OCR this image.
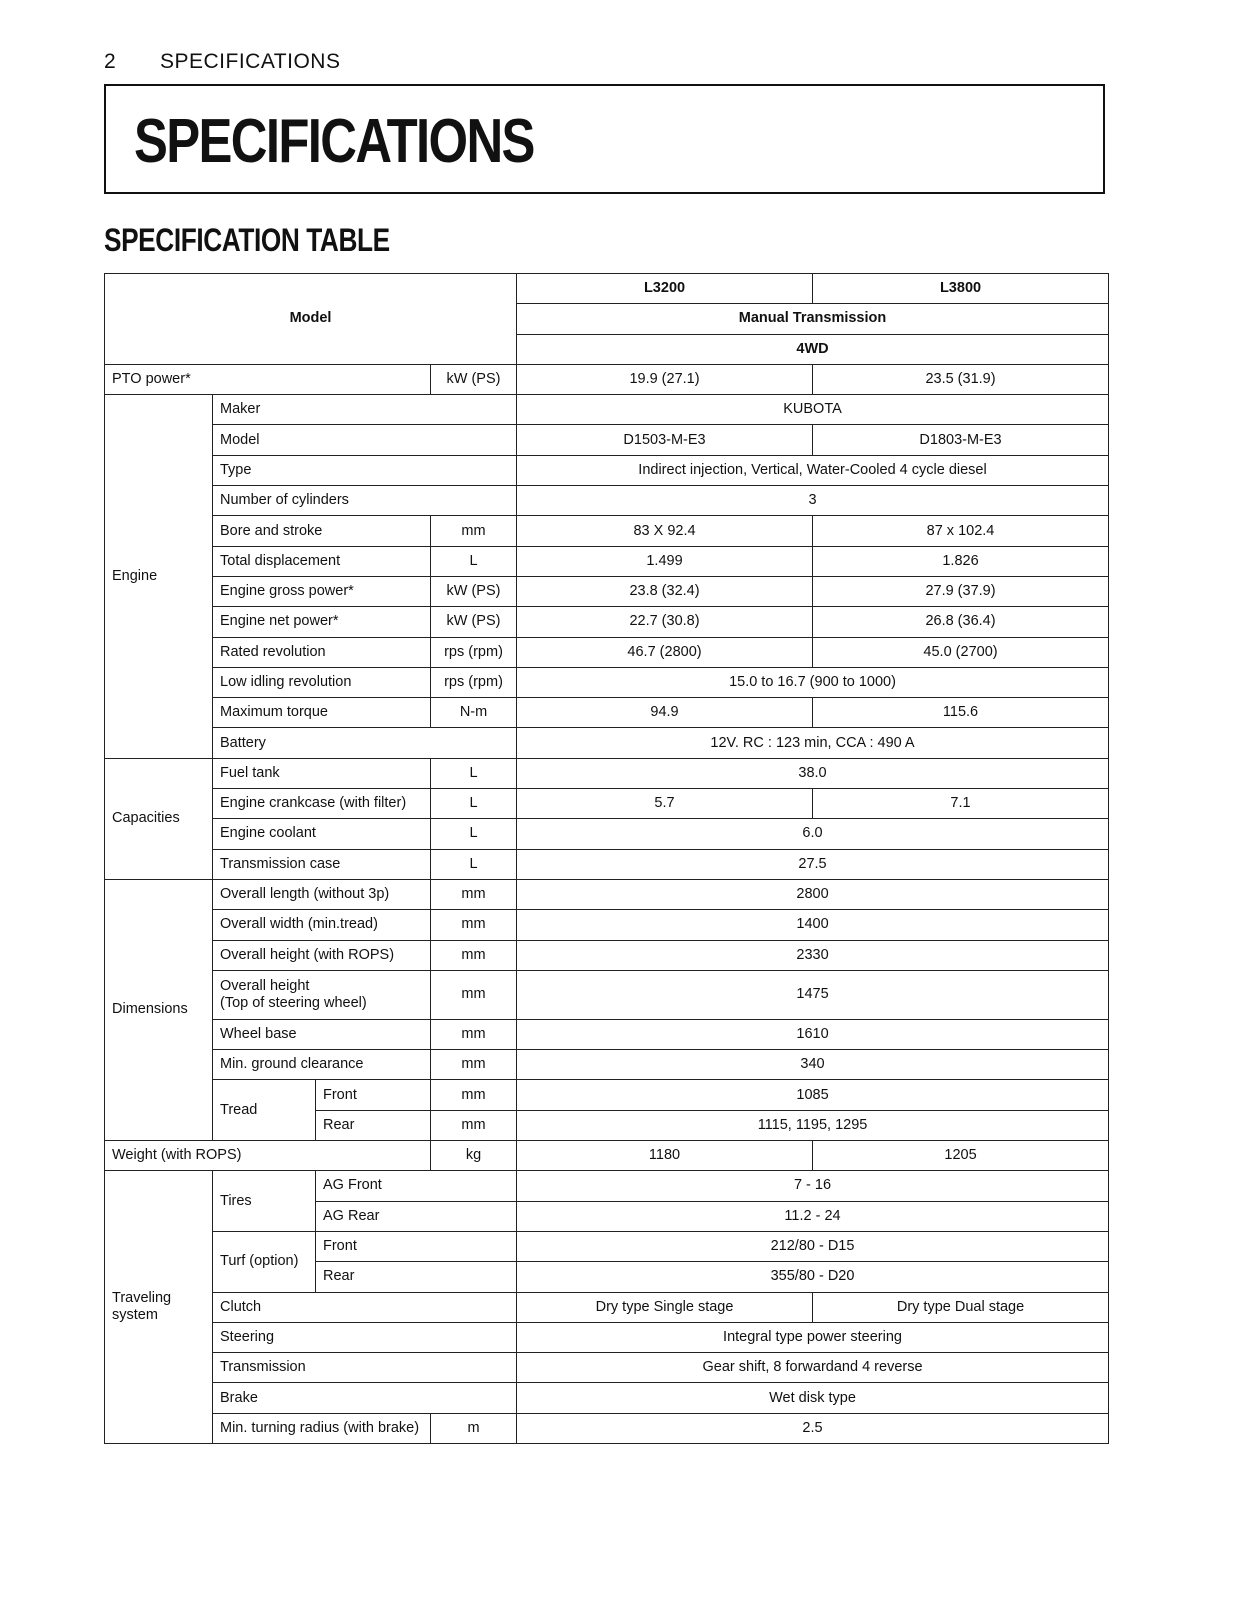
2 SPECIFICATIONS
SPECIFICATIONS
SPECIFICATION TABLE
Model				L3200	L3800
				Manual Transmission	
				4WD	
PTO power*			kW (PS)	19.9 (27.1)	23.5 (31.9)
Engine	Maker			KUBOTA	
	Model			D1503-M-E3	D1803-M-E3
	Type			Indirect injection, Vertical, Water-Cooled 4 cycle diesel	
	Number of cylinders			3	
	Bore and stroke		mm	83 X 92.4	87 x 102.4
	Total displacement		L	1.499	1.826
	Engine gross power*		kW (PS)	23.8 (32.4)	27.9 (37.9)
	Engine net power*		kW (PS)	22.7 (30.8)	26.8 (36.4)
	Rated revolution		rps (rpm)	46.7 (2800)	45.0 (2700)
	Low idling revolution		rps (rpm)	15.0 to 16.7 (900 to 1000)	
	Maximum torque		N-m	94.9	115.6
	Battery			12V. RC : 123 min, CCA : 490 A	
Capacities	Fuel tank		L	38.0	
	Engine crankcase (with filter)		L	5.7	7.1
	Engine coolant		L	6.0	
	Transmission case		L	27.5	
Dimensions	Overall length (without 3p)		mm	2800	
	Overall width (min.tread)		mm	1400	
	Overall height (with ROPS)		mm	2330	
	Overall height
(Top of steering wheel)		mm	1475	
	Wheel base		mm	1610	
	Min. ground clearance		mm	340	
	Tread	Front	mm	1085	
		Rear	mm	1115, 1195, 1295	
Weight (with ROPS)			kg	1180	1205
Traveling system	Tires	AG Front		7 - 16	
		AG Rear		11.2 - 24	
	Turf (option)	Front		212/80 - D15	
		Rear		355/80 - D20	
	Clutch			Dry type Single stage	Dry type Dual stage
	Steering			Integral type power steering	
	Transmission			Gear shift, 8 forwardand 4 reverse	
	Brake			Wet disk type	
	Min. turning radius (with brake)		m	2.5	
